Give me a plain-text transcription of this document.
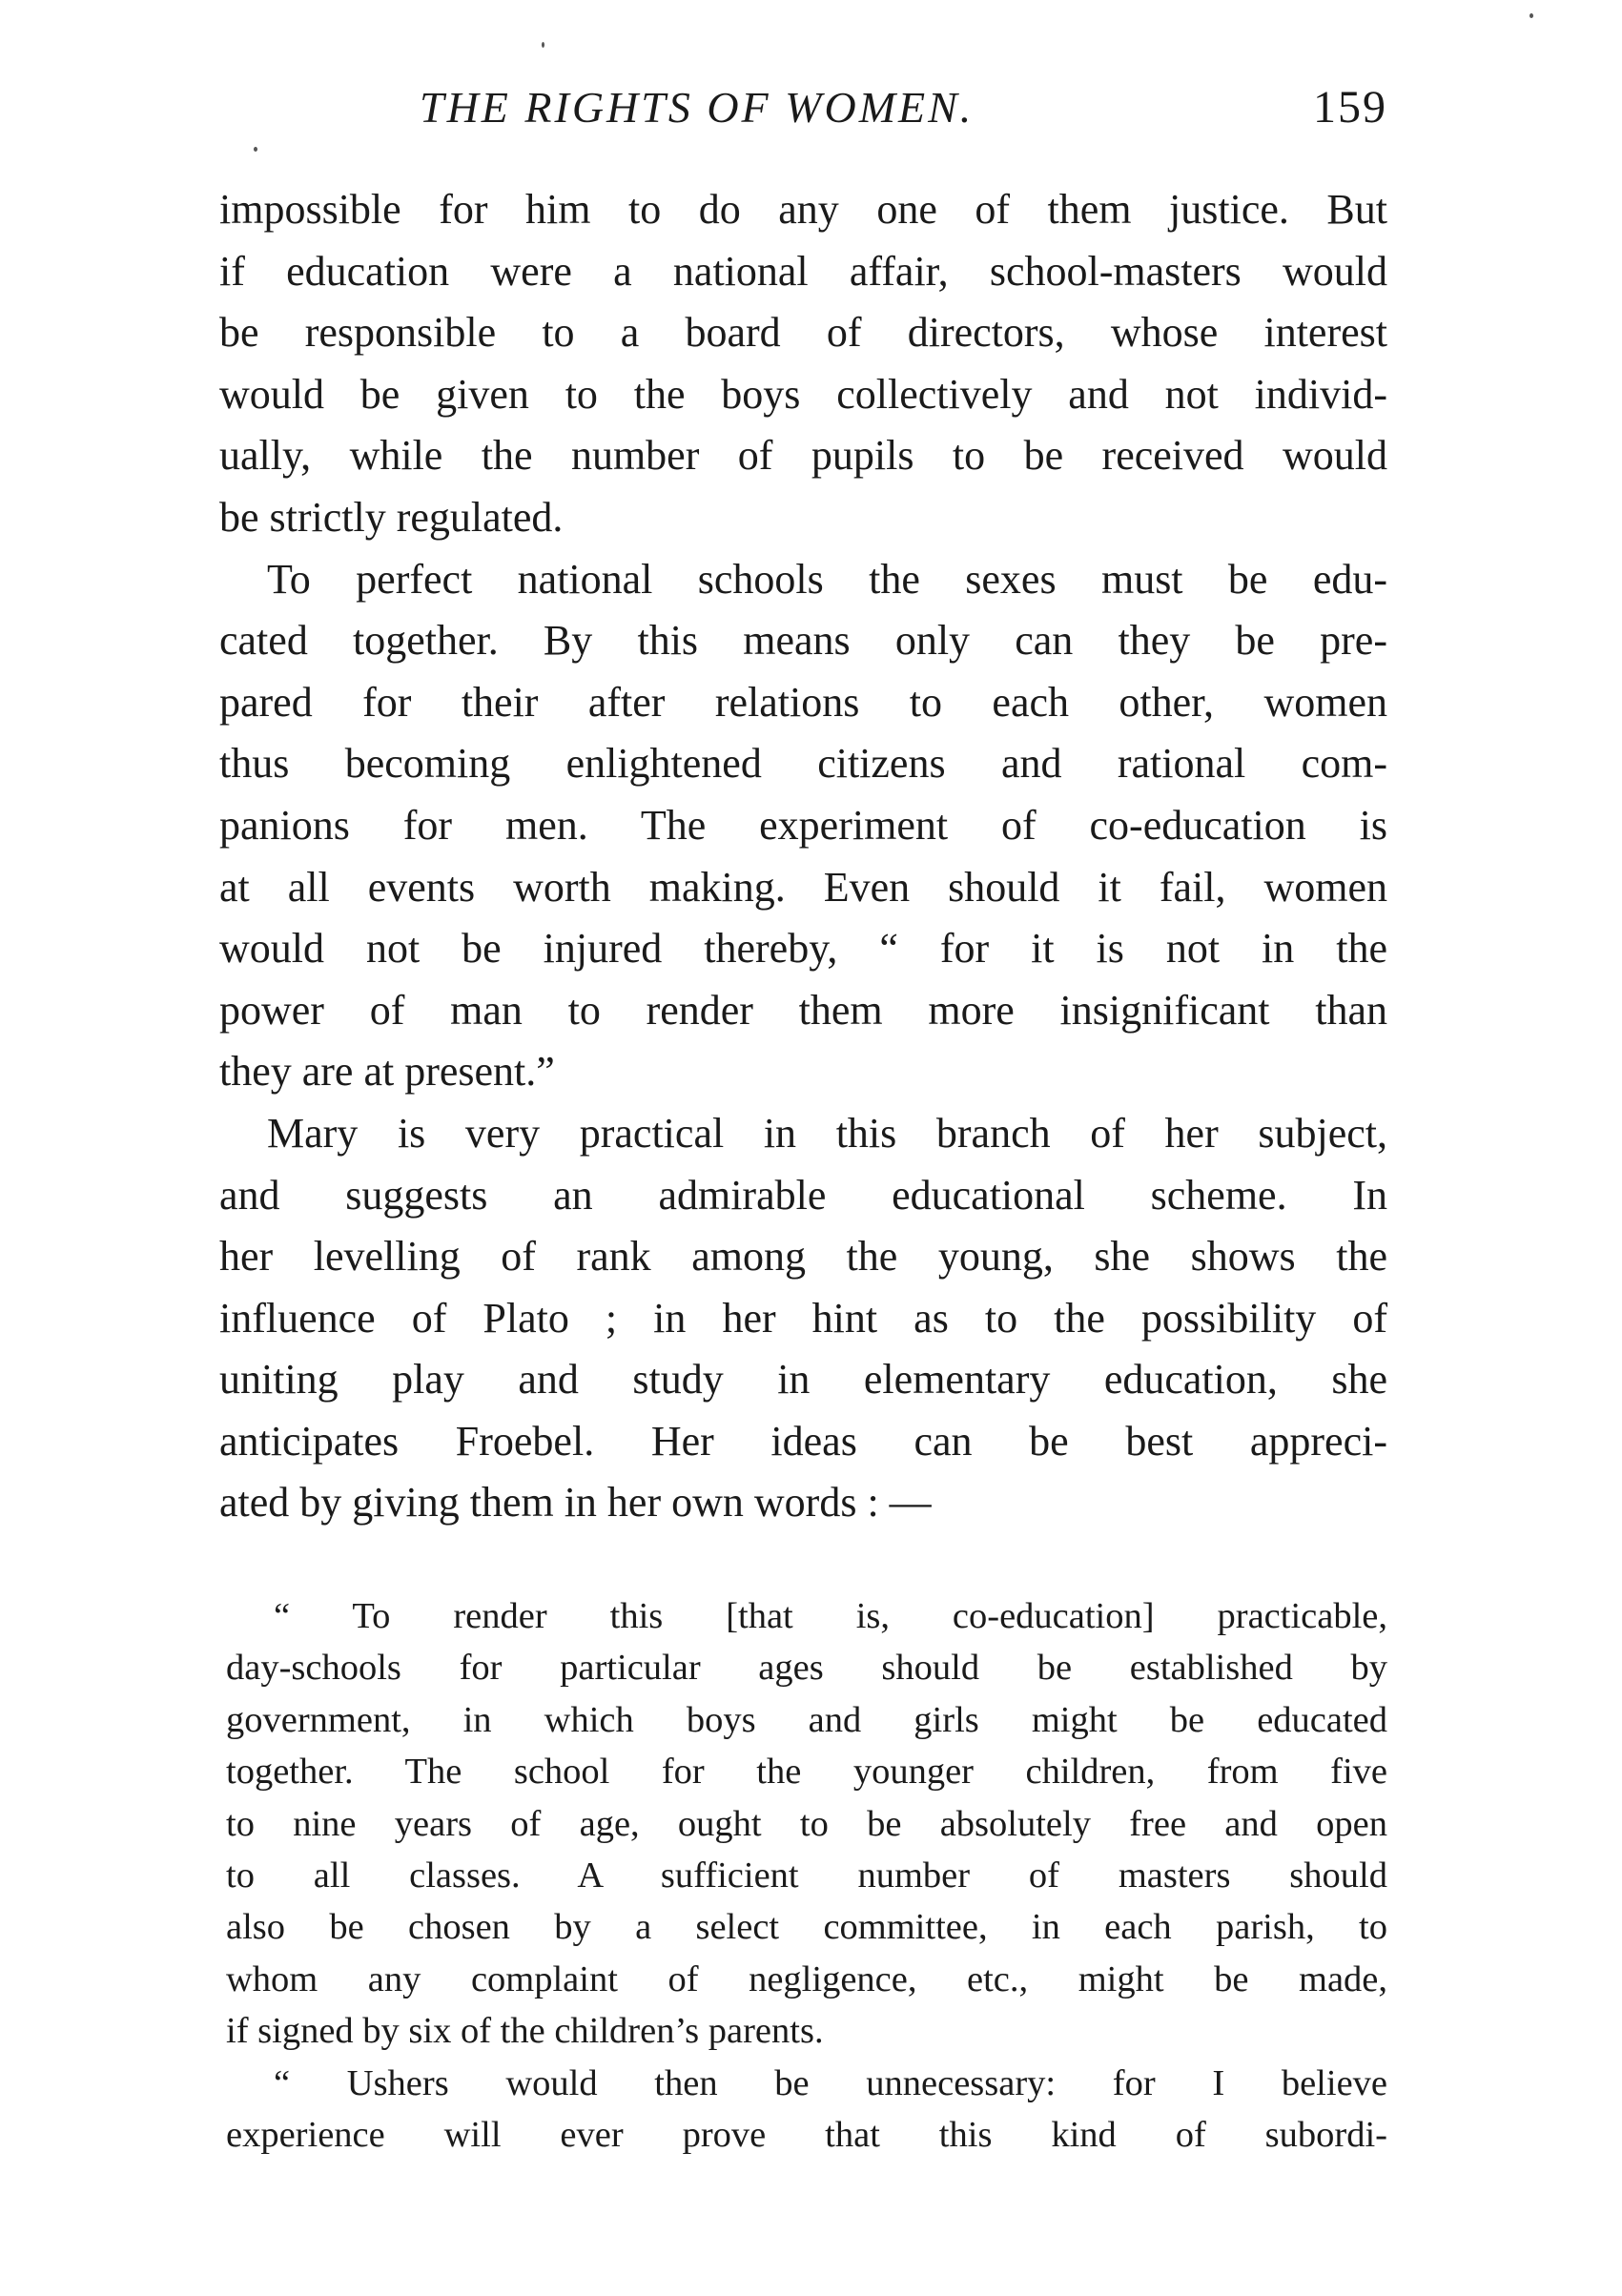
THE RIGHTS OF WOMEN.	159
impossible for him to do any one of them justice. But
if education were a national affair, school-masters would
be responsible to a board of directors, whose interest
would be given to the boys collectively and not individ-
ually, while the number of pupils to be received would
be strictly regulated.
To perfect national schools the sexes must be edu-
cated together. By this means only can they be pre-
pared for their after relations to each other, women
thus becoming enlightened citizens and rational com-
panions for men. The experiment of co-education is
at all events worth making. Even should it fail, women
would not be injured thereby, “ for it is not in the
power of man to render them more insignificant than
they are at present.”
Mary is very practical in this branch of her subject,
and suggests an admirable educational scheme. In
her levelling of rank among the young, she shows the
influence of Plato ; in her hint as to the possibility of
uniting play and study in elementary education, she
anticipates Froebel. Her ideas can be best appreci-
ated by giving them in her own words : —
“ To render this [that is, co-education] practicable,
day-schools for particular ages should be established by
government, in which boys and girls might be educated
together. The school for the younger children, from five
to nine years of age, ought to be absolutely free and open
to all classes. A sufficient number of masters should
also be chosen by a select committee, in each parish, to
whom any complaint of negligence, etc., might be made,
if signed by six of the children’s parents.
“ Ushers would then be unnecessary: for I believe
experience will ever prove that this kind of subordi-
